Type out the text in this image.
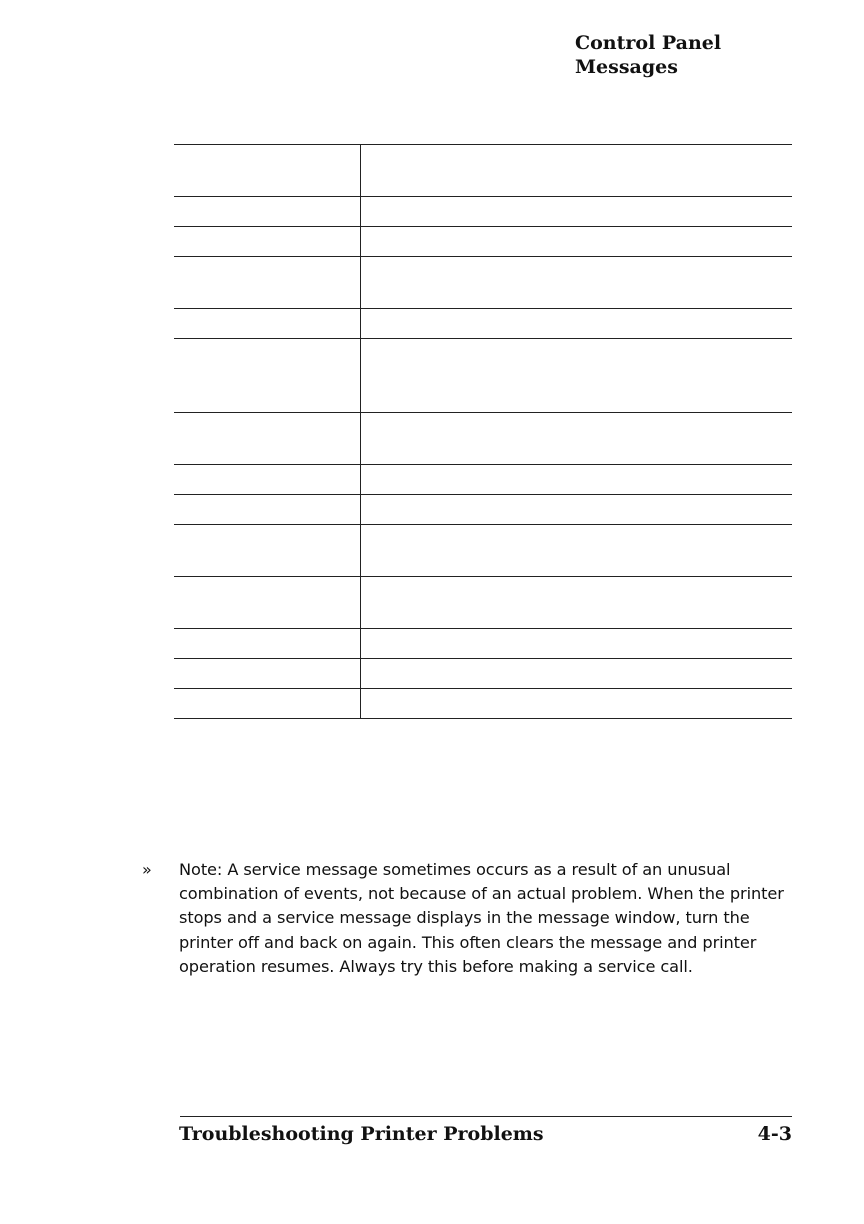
Control Panel
Messages

» Note: A service message sometimes occurs as a result of an unusual combination of events, not because of an actual problem. When the printer stops and a service message displays in the message window, turn the printer off and back on again. This often clears the message and printer operation resumes. Always try this before making a service call.
Troubleshooting Printer Problems	4-3
